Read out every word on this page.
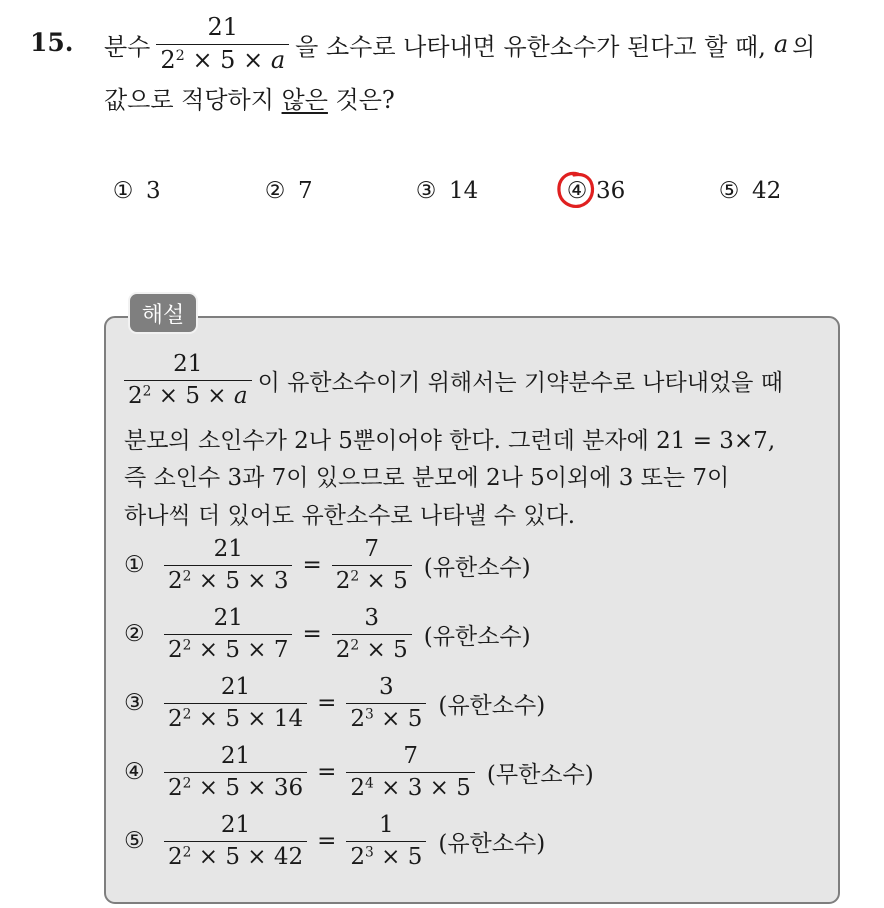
15. 분수 $\frac{21}{2^2 \times 5 \times a}$ 을 소수로 나타내면 유한소수가 된다고 할 때, a 의
값으로 적당하지 않은 것은?
① 3	② 7	③ 14	④ 36	⑤ 42
해설
$\frac{21}{2^2 \times 5 \times a}$ 이 유한소수이기 위해서는 기약분수로 나타내었을 때
분모의 소인수가 2나 5뿐이어야 한다. 그런데 분자에 21 = 3×7,
즉 소인수 3과 7이 있으므로 분모에 2나 5이외에 3 또는 7이
하나씩 더 있어도 유한소수로 나타낼 수 있다.
① $\frac{21}{2^2 \times 5 \times 3} = \frac{7}{2^2 \times 5}$ (유한소수)
② $\frac{21}{2^2 \times 5 \times 7} = \frac{3}{2^2 \times 5}$ (유한소수)
③ $\frac{21}{2^2 \times 5 \times 14} = \frac{3}{2^3 \times 5}$ (유한소수)
④ $\frac{21}{2^2 \times 5 \times 36} = \frac{7}{2^4 \times 3 \times 5}$ (무한소수)
⑤ $\frac{21}{2^2 \times 5 \times 42} = \frac{1}{2^3 \times 5}$ (유한소수)
